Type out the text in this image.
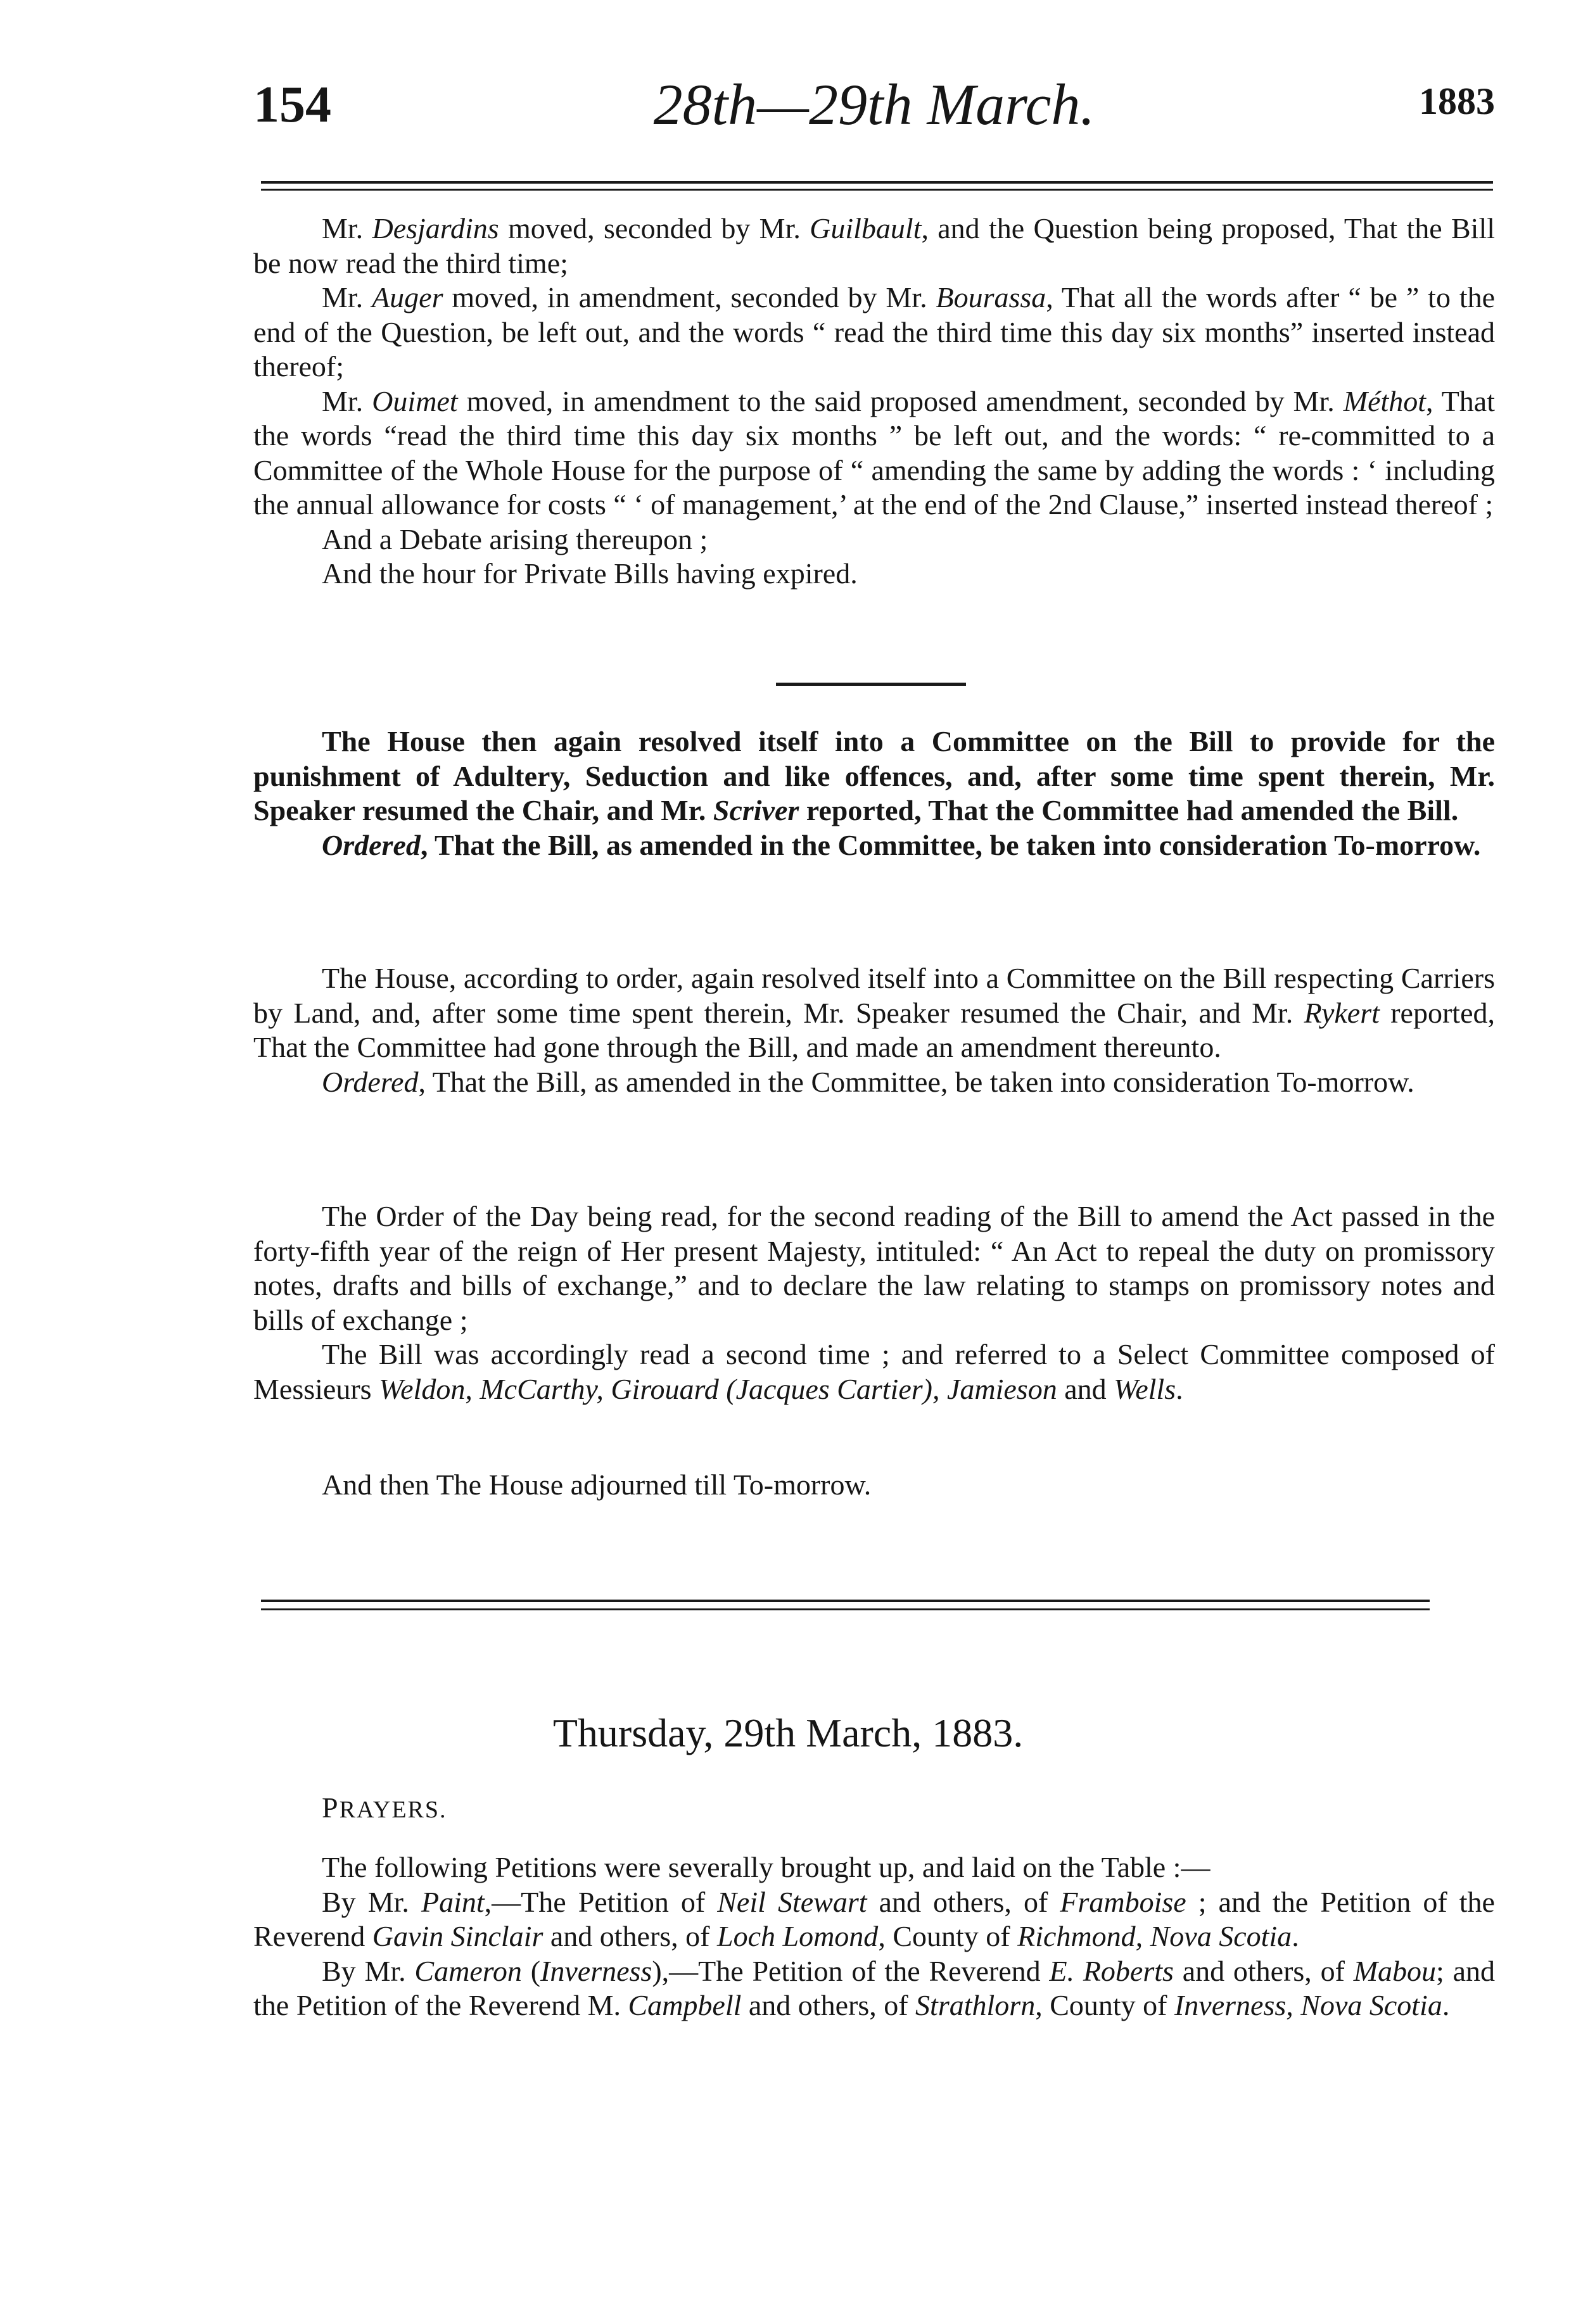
154	28th—29th March.	1883

Mr. Desjardins moved, seconded by Mr. Guilbault, and the Question being proposed, That the Bill be now read the third time;

Mr. Auger moved, in amendment, seconded by Mr. Bourassa, That all the words after “ be ” to the end of the Question, be left out, and the words “ read the third time this day six months” inserted instead thereof;

Mr. Ouimet moved, in amendment to the said proposed amendment, seconded by Mr. Méthot, That the words “read the third time this day six months ” be left out, and the words: “ re-committed to a Committee of the Whole House for the purpose of “ amending the same by adding the words : ‘ including the annual allowance for costs “ ‘ of management,’ at the end of the 2nd Clause,” inserted instead thereof ;

And a Debate arising thereupon ;

And the hour for Private Bills having expired.

The House then again resolved itself into a Committee on the Bill to provide for the punishment of Adultery, Seduction and like offences, and, after some time spent therein, Mr. Speaker resumed the Chair, and Mr. Scriver reported, That the Committee had amended the Bill.

Ordered, That the Bill, as amended in the Committee, be taken into consideration To-morrow.

The House, according to order, again resolved itself into a Committee on the Bill respecting Carriers by Land, and, after some time spent therein, Mr. Speaker resumed the Chair, and Mr. Rykert reported, That the Committee had gone through the Bill, and made an amendment thereunto.

Ordered, That the Bill, as amended in the Committee, be taken into consideration To-morrow.

The Order of the Day being read, for the second reading of the Bill to amend the Act passed in the forty-fifth year of the reign of Her present Majesty, intituled: “ An Act to repeal the duty on promissory notes, drafts and bills of exchange,” and to declare the law relating to stamps on promissory notes and bills of exchange ;

The Bill was accordingly read a second time ; and referred to a Select Committee composed of Messieurs Weldon, McCarthy, Girouard (Jacques Cartier), Jamieson and Wells.

And then The House adjourned till To-morrow.

Thursday, 29th March, 1883.
PRAYERS.

The following Petitions were severally brought up, and laid on the Table :—

By Mr. Paint,—The Petition of Neil Stewart and others, of Framboise ; and the Petition of the Reverend Gavin Sinclair and others, of Loch Lomond, County of Richmond, Nova Scotia.

By Mr. Cameron (Inverness),—The Petition of the Reverend E. Roberts and others, of Mabou; and the Petition of the Reverend M. Campbell and others, of Strathlorn, County of Inverness, Nova Scotia.
